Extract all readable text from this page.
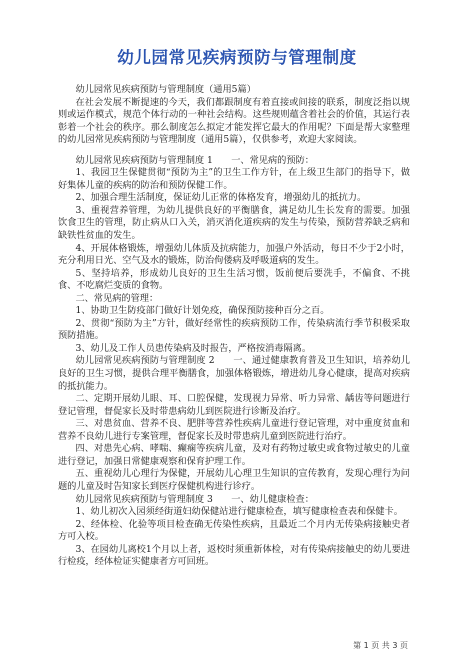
幼儿园常见疾病预防与管理制度

幼儿园常见疾病预防与管理制度（通用5篇）

在社会发展不断提速的今天，我们都跟制度有着直接或间接的联系，制度泛指以规则或运作模式，规范个体行动的一种社会结构。这些规则蕴含着社会的价值，其运行表彰着一个社会的秩序。那么制度怎么拟定才能发挥它最大的作用呢？下面是帮大家整理的幼儿园常见疾病预防与管理制度（通用5篇），仅供参考，欢迎大家阅读。

幼儿园常见疾病预防与管理制度 1　　一、常见病的预防：

1、我园卫生保健贯彻“预防为主”的卫生工作方针，在上级卫生部门的指导下，做好集体儿童的疾病的防治和预防保健工作。

2、加强合理生活制度，保证幼儿正常的体格发育，增强幼儿的抵抗力。

3、重视营养管理，为幼儿提供良好的平衡膳食，满足幼儿生长发育的需要。加强饮食卫生的管理，防止病从口入关，消灭消化道疾病的发生与传染，预防营养缺乏病和缺铁性贫血的发生。

4、开展体格锻炼，增强幼儿体质及抗病能力，加强户外活动，每日不少于2小时，充分利用日光、空气及水的锻炼，防治佝偻病及呼吸道病的发生。

5、坚持培养，形成幼儿良好的卫生生活习惯，饭前便后要洗手，不偏食、不挑食、不吃腐烂变质的食物。

二、常见病的管理：

1、协助卫生防疫部门做好计划免疫，确保预防接种百分之百。

2、贯彻“预防为主”方针，做好经常性的疾病预防工作，传染病流行季节积极采取预防措施。

3、幼儿及工作人员患传染病及时报告，严格按消毒隔离。

幼儿园常见疾病预防与管理制度 2　　一、通过健康教育普及卫生知识，培养幼儿良好的卫生习惯，提供合理平衡膳食，加强体格锻炼，增进幼儿身心健康，提高对疾病的抵抗能力。

二、定期开展幼儿眼、耳、口腔保健，发现视力异常、听力异常、龋齿等问题进行登记管理，督促家长及时带患病幼儿到医院进行诊断及治疗。

三、对患贫血、营养不良、肥胖等营养性疾病儿童进行登记管理，对中重度贫血和营养不良幼儿进行专案管理，督促家长及时带患病儿童到医院进行治疗。

四、对患先心病、哮喘、癫痫等疾病儿童，及对有药物过敏史或食物过敏史的儿童进行登记，加强日常健康观察和保育护理工作。

五、重视幼儿心理行为保健，开展幼儿心理卫生知识的宣传教育，发现心理行为问题的儿童及时告知家长到医疗保健机构进行诊疗。

幼儿园常见疾病预防与管理制度 3　　一、幼儿健康检查：

1、幼儿初次入园须经街道妇幼保健站进行健康检查，填写健康检查表和保健卡。

2、经体检、化验等项目检查确无传染性疾病，且最近二个月内无传染病接触史者方可入校。

3、在园幼儿离校1个月以上者，返校时须重新体检，对有传染病接触史的幼儿要进行检疫，经体检证实健康者方可回班。

第 1 页 共 3 页
